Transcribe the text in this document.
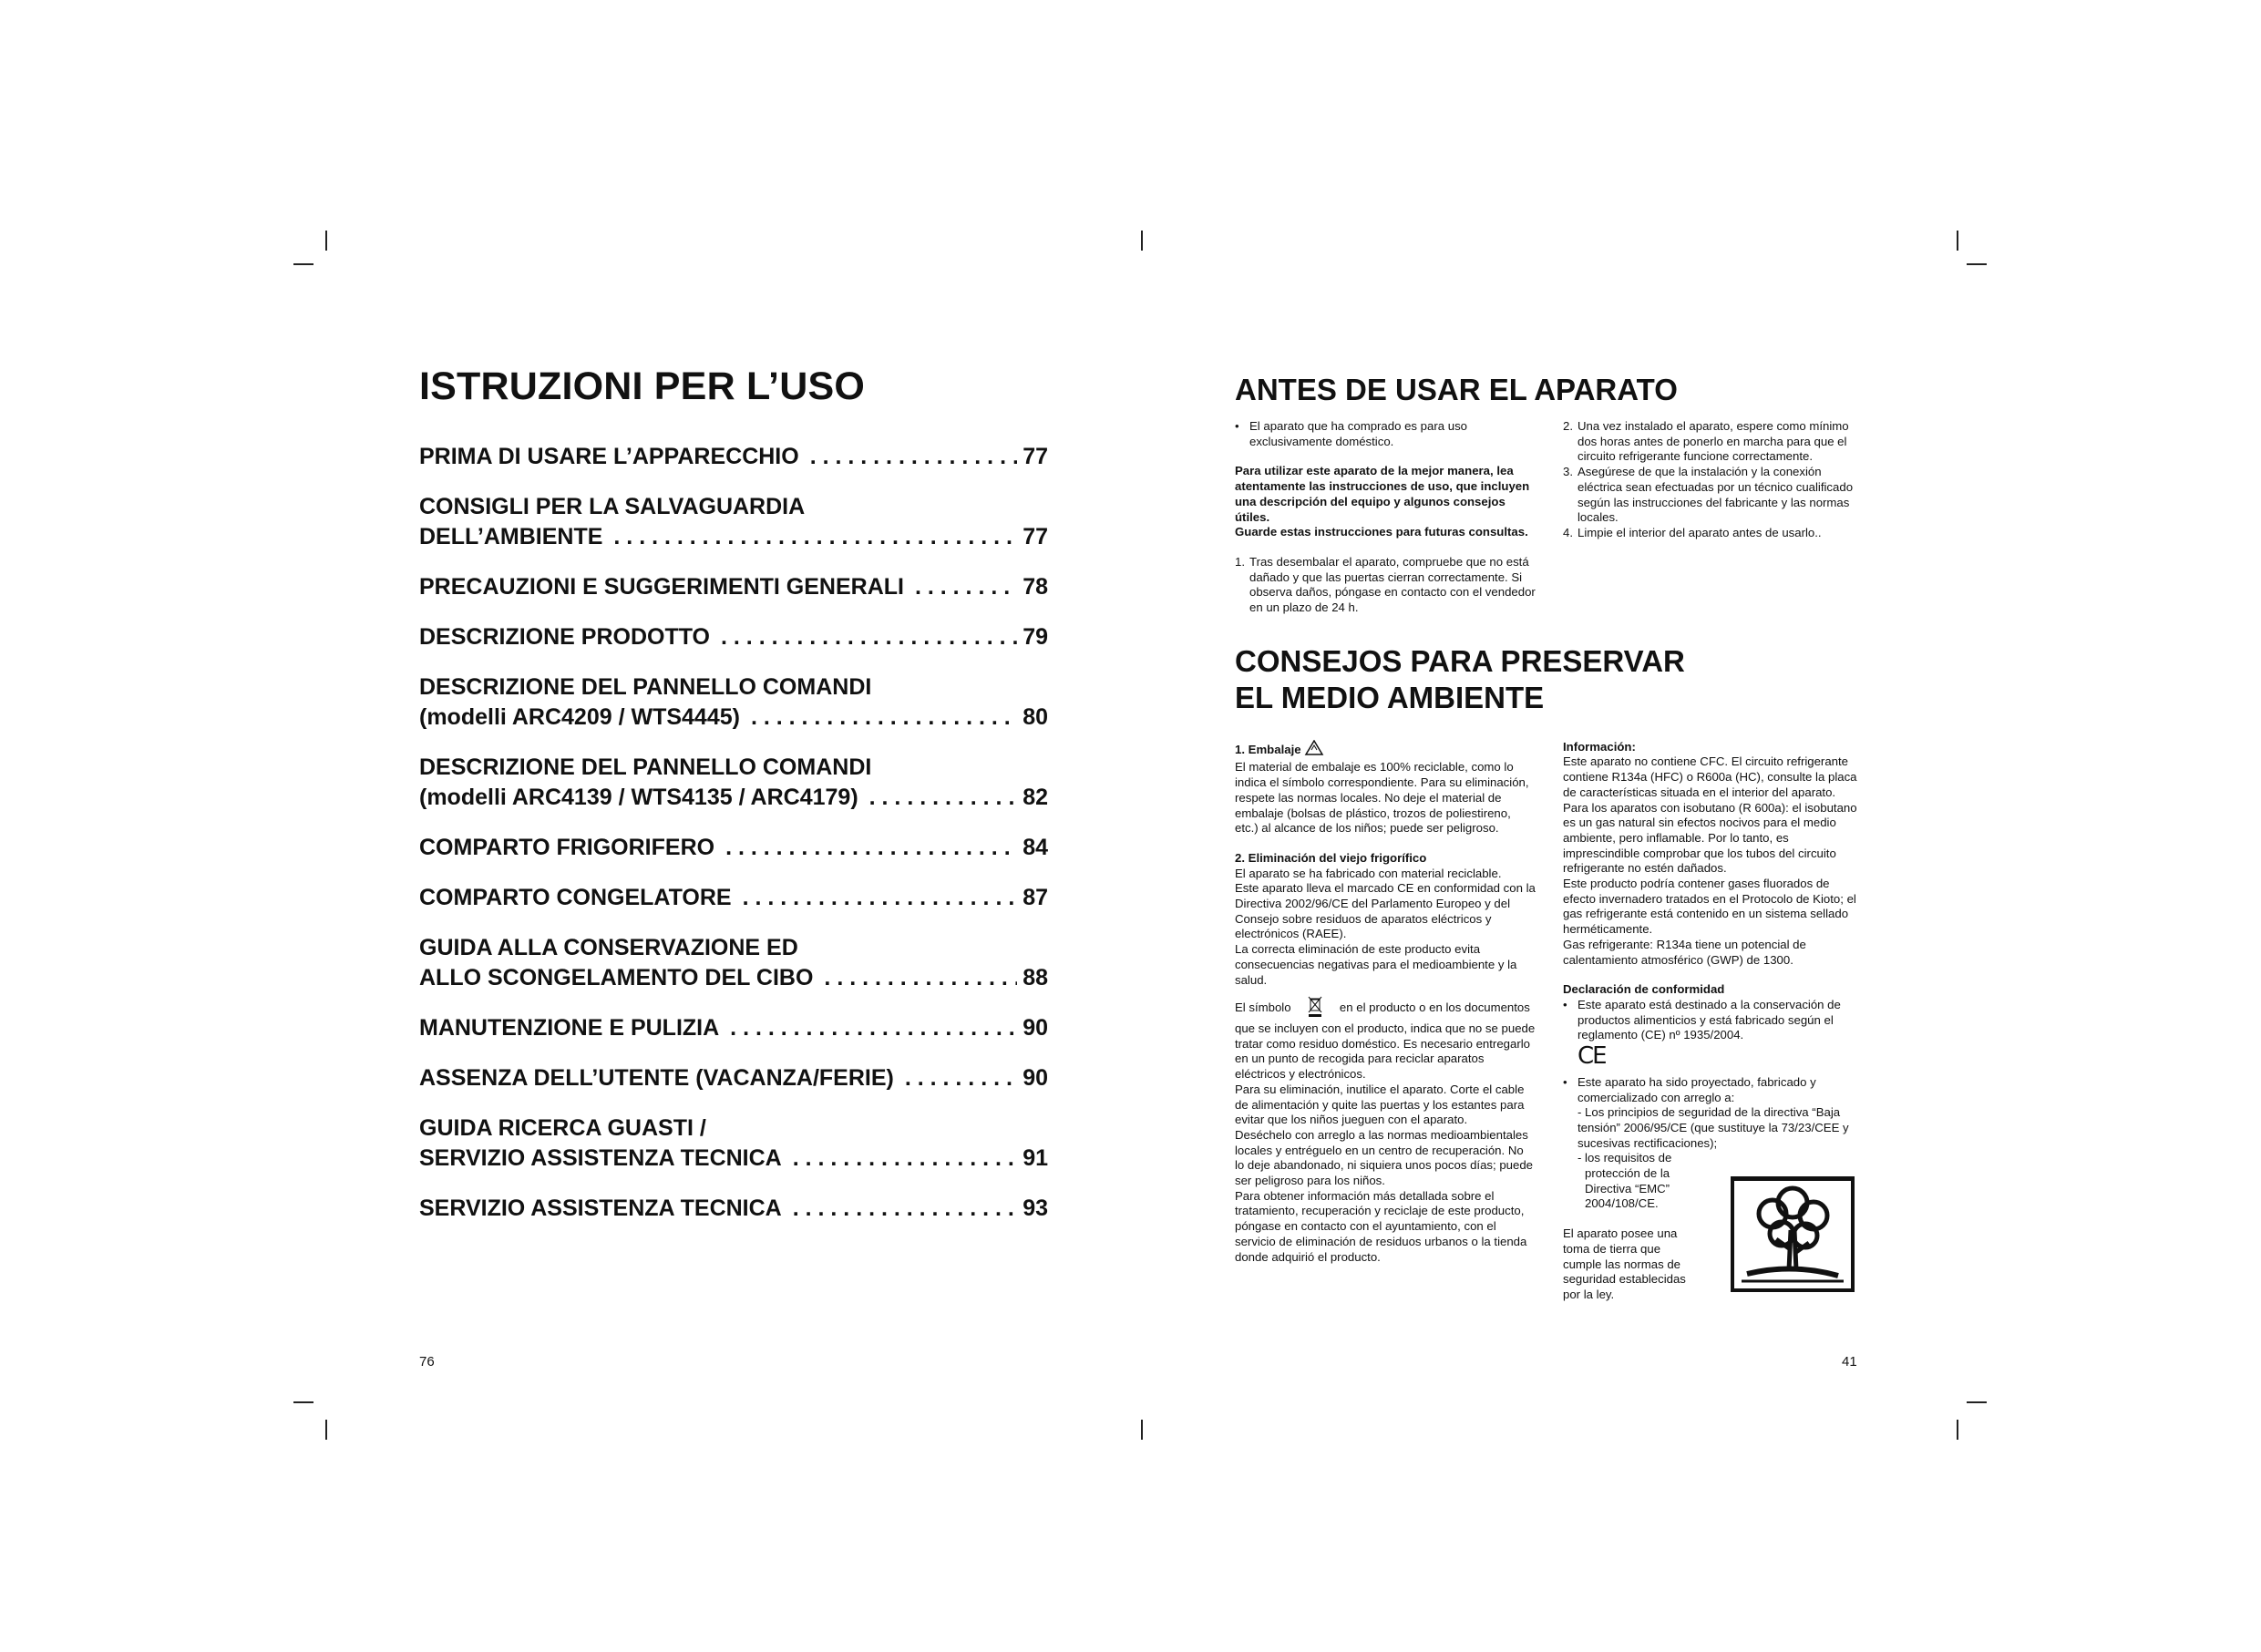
ISTRUZIONI PER L’USO
PRIMA DI USARE L’APPARECCHIO . . .	77
CONSIGLI PER LA SALVAGUARDIA
DELL’AMBIENTE . . .	77
PRECAUZIONI E SUGGERIMENTI GENERALI . . .	78
DESCRIZIONE PRODOTTO . . .	79
DESCRIZIONE DEL PANNELLO COMANDI
(modelli ARC4209 / WTS4445) . . .	80
DESCRIZIONE DEL PANNELLO COMANDI
(modelli ARC4139 / WTS4135 / ARC4179) . . .	82
COMPARTO FRIGORIFERO . . .	84
COMPARTO CONGELATORE . . .	87
GUIDA ALLA CONSERVAZIONE ED
ALLO SCONGELAMENTO DEL CIBO . . .	88
MANUTENZIONE E PULIZIA . . .	90
ASSENZA DELL’UTENTE (VACANZA/FERIE) . . .	90
GUIDA RICERCA GUASTI /
SERVIZIO ASSISTENZA TECNICA . . .	91
SERVIZIO ASSISTENZA TECNICA . . .	93
76
ANTES DE USAR EL APARATO
• El aparato que ha comprado es para uso exclusivamente doméstico.

Para utilizar este aparato de la mejor manera, lea atentamente las instrucciones de uso, que incluyen una descripción del equipo y algunos consejos útiles.

Guarde estas instrucciones para futuras consultas.

1. Tras desembalar el aparato, compruebe que no está dañado y que las puertas cierran correctamente. Si observa daños, póngase en contacto con el vendedor en un plazo de 24 h.
2. Una vez instalado el aparato, espere como mínimo dos horas antes de ponerlo en marcha para que el circuito refrigerante funcione correctamente.
3. Asegúrese de que la instalación y la conexión eléctrica sean efectuadas por un técnico cualificado según las instrucciones del fabricante y las normas locales.
4. Limpie el interior del aparato antes de usarlo..
CONSEJOS PARA PRESERVAR
EL MEDIO AMBIENTE

1. Embalaje

El material de embalaje es 100% reciclable, como lo indica el símbolo correspondiente. Para su eliminación, respete las normas locales. No deje el material de embalaje (bolsas de plástico, trozos de poliestireno, etc.) al alcance de los niños; puede ser peligroso.

2. Eliminación del viejo frigorífico

El aparato se ha fabricado con material reciclable.

Este aparato lleva el marcado CE en conformidad con la Directiva 2002/96/CE del Parlamento Europeo y del Consejo sobre residuos de aparatos eléctricos y electrónicos (RAEE).

La correcta eliminación de este producto evita consecuencias negativas para el medioambiente y la salud.

El símbolo	en el producto o en los documentos que se incluyen con el producto, indica que no se puede tratar como residuo doméstico. Es necesario entregarlo en un punto de recogida para reciclar aparatos eléctricos y electrónicos.

Para su eliminación, inutilice el aparato. Corte el cable de alimentación y quite las puertas y los estantes para evitar que los niños jueguen con el aparato.

Deséchelo con arreglo a las normas medioambientales locales y entréguelo en un centro de recuperación. No lo deje abandonado, ni siquiera unos pocos días; puede ser peligroso para los niños.

Para obtener información más detallada sobre el tratamiento, recuperación y reciclaje de este producto, póngase en contacto con el ayuntamiento, con el servicio de eliminación de residuos urbanos o la tienda donde adquirió el producto.

Información:

Este aparato no contiene CFC. El circuito refrigerante contiene R134a (HFC) o R600a (HC), consulte la placa de características situada en el interior del aparato.

Para los aparatos con isobutano (R 600a): el isobutano es un gas natural sin efectos nocivos para el medio ambiente, pero inflamable. Por lo tanto, es imprescindible comprobar que los tubos del circuito refrigerante no estén dañados.

Este producto podría contener gases fluorados de efecto invernadero tratados en el Protocolo de Kioto; el gas refrigerante está contenido en un sistema sellado herméticamente.

Gas refrigerante: R134a tiene un potencial de calentamiento atmosférico (GWP) de 1300.

Declaración de conformidad

• Este aparato está destinado a la conservación de productos alimenticios y está fabricado según el reglamento (CE) nº 1935/2004.
CE
• Este aparato ha sido proyectado, fabricado y comercializado con arreglo a:

- Los principios de seguridad de la directiva “Baja tensión” 2006/95/CE (que sustituye la 73/23/CEE y sucesivas rectificaciones);

- los requisitos de

protección de la

Directiva “EMC”

2004/108/CE.

El aparato posee una

toma de tierra que

cumple las normas de

seguridad establecidas

por la ley.

41
